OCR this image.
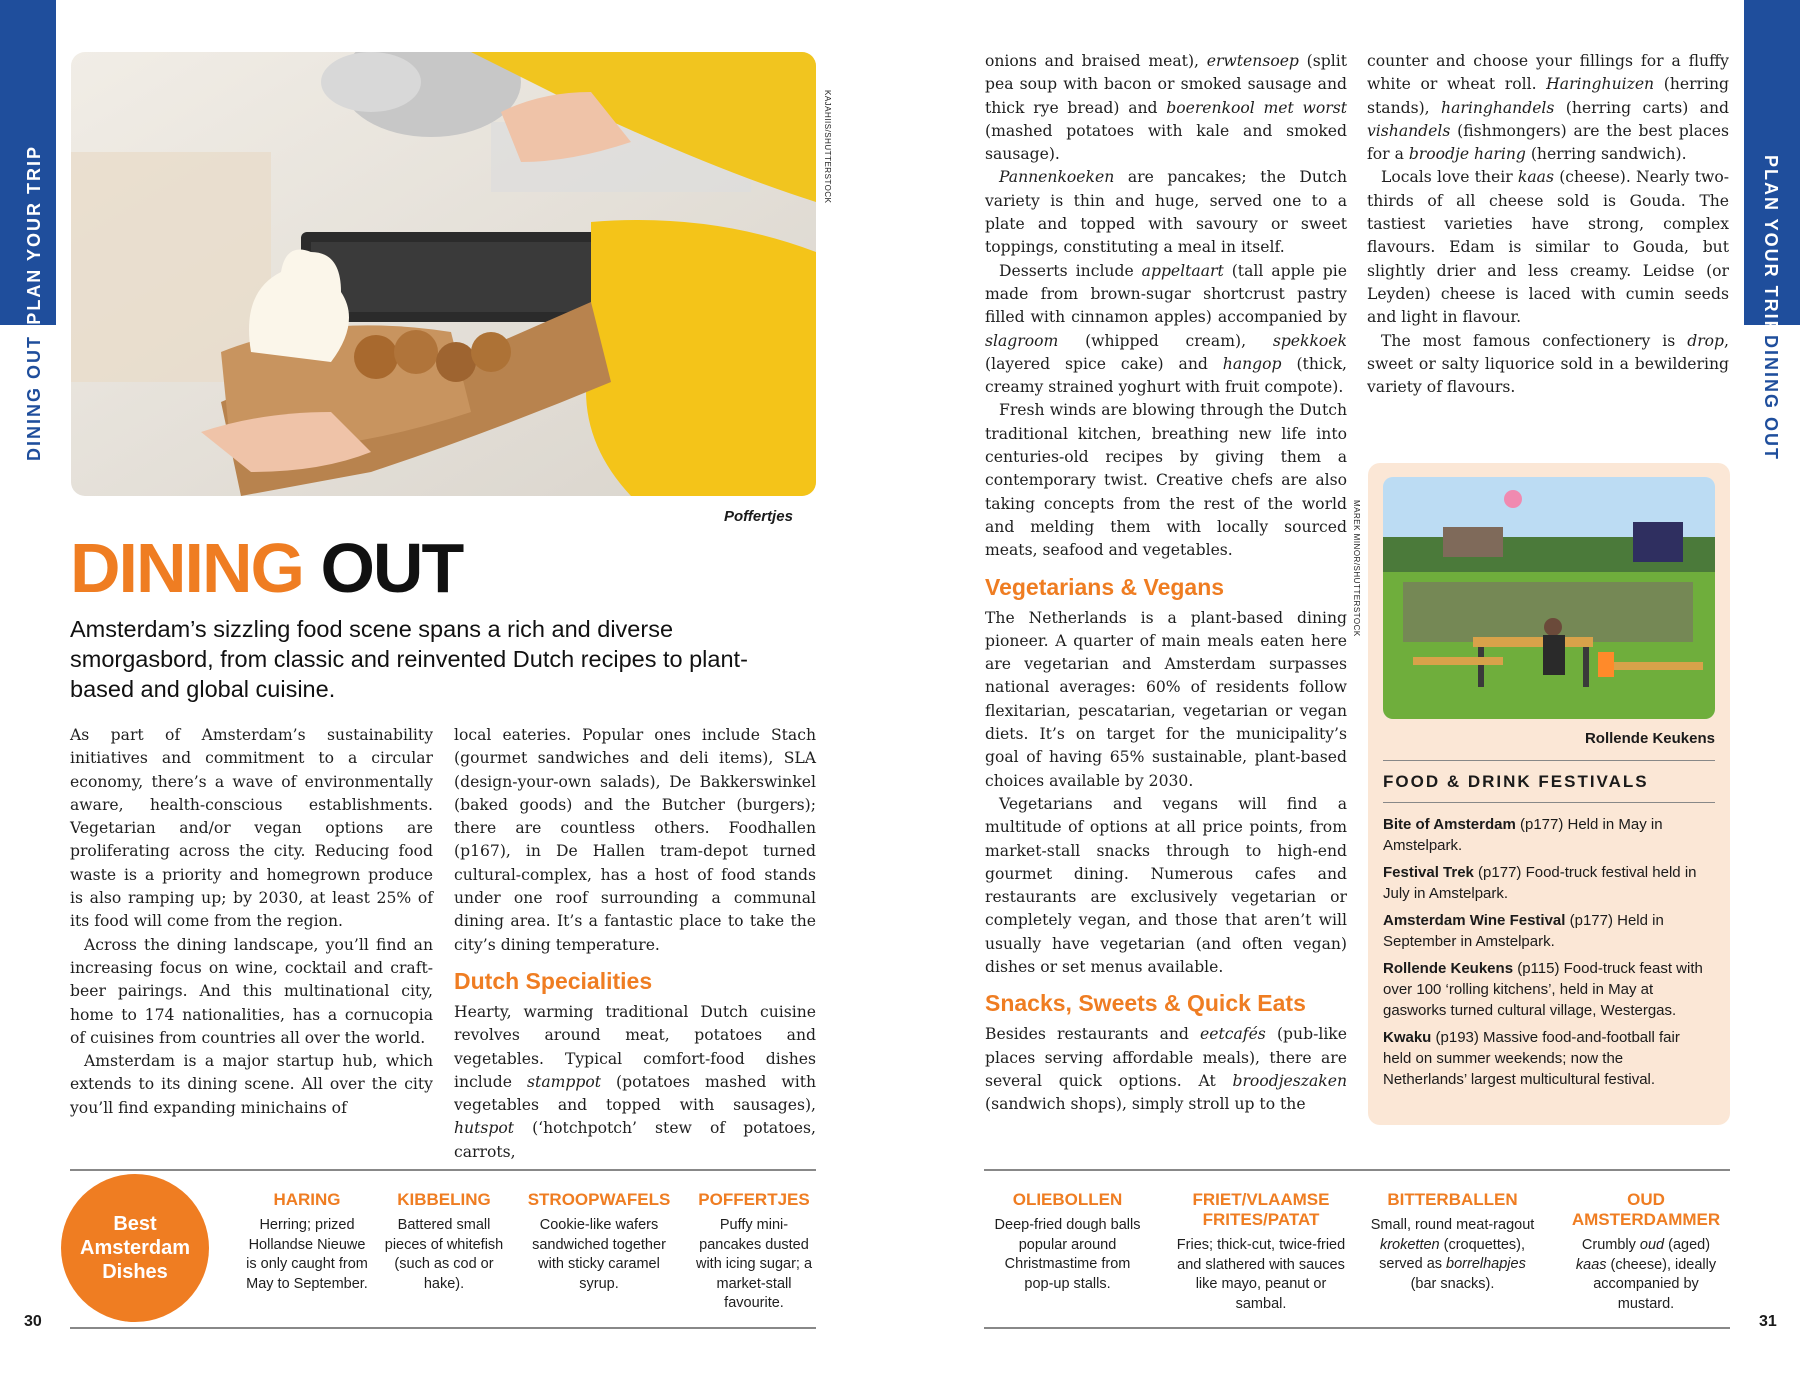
PLAN YOUR TRIP
DINING OUT
PLAN YOUR TRIP
DINING OUT
KAJAHIIS/SHUTTERSTOCK
Poffertjes
DINING OUT
Amsterdam’s sizzling food scene spans a rich and diverse smorgasbord, from classic and reinvented Dutch recipes to plant-based and global cuisine.

As part of Amsterdam’s sustainability initiatives and commitment to a circular economy, there’s a wave of environmentally aware, health-conscious establishments. Vegetarian and/or vegan options are proliferating across the city. Reducing food waste is a priority and homegrown produce is also ramping up; by 2030, at least 25% of its food will come from the region.

Across the dining landscape, you’ll find an increasing focus on wine, cocktail and craft-beer pairings. And this multinational city, home to 174 nationalities, has a cornucopia of cuisines from countries all over the world.

Amsterdam is a major startup hub, which extends to its dining scene. All over the city you’ll find expanding minichains of

local eateries. Popular ones include Stach (gourmet sandwiches and deli items), SLA (design-your-own salads), De Bakkerswinkel (baked goods) and the Butcher (burgers); there are countless others. Foodhallen (p167), in De Hallen tram-depot turned cultural-complex, has a host of food stands under one roof surrounding a communal dining area. It’s a fantastic place to take the city’s dining temperature.

Dutch Specialities

Hearty, warming traditional Dutch cuisine revolves around meat, potatoes and vegetables. Typical comfort-food dishes include stamppot (potatoes mashed with vegetables and topped with sausages), hutspot (‘hotchpotch’ stew of potatoes, carrots,

onions and braised meat), erwtensoep (split pea soup with bacon or smoked sausage and thick rye bread) and boerenkool met worst (mashed potatoes with kale and smoked sausage).

Pannenkoeken are pancakes; the Dutch variety is thin and huge, served one to a plate and topped with savoury or sweet toppings, constituting a meal in itself.

Desserts include appeltaart (tall apple pie made from brown-sugar shortcrust pastry filled with cinnamon apples) accompanied by slagroom (whipped cream), spekkoek (layered spice cake) and hangop (thick, creamy strained yoghurt with fruit compote).

Fresh winds are blowing through the Dutch traditional kitchen, breathing new life into centuries-old recipes by giving them a contemporary twist. Creative chefs are also taking concepts from the rest of the world and melding them with locally sourced meats, seafood and vegetables.

Vegetarians & Vegans

The Netherlands is a plant-based dining pioneer. A quarter of main meals eaten here are vegetarian and Amsterdam surpasses national averages: 60% of residents follow flexitarian, pescatarian, vegetarian or vegan diets. It’s on target for the municipality’s goal of having 65% sustainable, plant-based choices available by 2030.

Vegetarians and vegans will find a multitude of options at all price points, from market-stall snacks through to high-end gourmet dining. Numerous cafes and restaurants are exclusively vegetarian or completely vegan, and those that aren’t will usually have vegetarian (and often vegan) dishes or set menus available.

Snacks, Sweets & Quick Eats

Besides restaurants and eetcafés (pub-like places serving affordable meals), there are several quick options. At broodjeszaken (sandwich shops), simply stroll up to the

counter and choose your fillings for a fluffy white or wheat roll. Haringhuizen (herring stands), haringhandels (herring carts) and vishandels (fishmongers) are the best places for a broodje haring (herring sandwich).

Locals love their kaas (cheese). Nearly two-thirds of all cheese sold is Gouda. The tastiest varieties have strong, complex flavours. Edam is similar to Gouda, but slightly drier and less creamy. Leidse (or Leyden) cheese is laced with cumin seeds and light in flavour.

The most famous confectionery is drop, sweet or salty liquorice sold in a bewildering variety of flavours.

MAREK MINOR/SHUTTERSTOCK
Rollende Keukens
FOOD & DRINK FESTIVALS
Bite of Amsterdam (p177) Held in May in Amstelpark.
Festival Trek (p177) Food-truck festival held in July in Amstelpark.
Amsterdam Wine Festival (p177) Held in September in Amstelpark.
Rollende Keukens (p115) Food-truck feast with over 100 ‘rolling kitchens’, held in May at gasworks turned cultural village, Westergas.
Kwaku (p193) Massive food-and-football fair held on summer weekends; now the Netherlands’ largest multicultural festival.
Best Amsterdam Dishes
HARING
Herring; prized Hollandse Nieuwe is only caught from May to September.
KIBBELING
Battered small pieces of whitefish (such as cod or hake).
STROOPWAFELS
Cookie-like wafers sandwiched together with sticky caramel syrup.
POFFERTJES
Puffy mini-pancakes dusted with icing sugar; a market-stall favourite.
OLIEBOLLEN
Deep-fried dough balls popular around Christmastime from pop-up stalls.
FRIET/VLAAMSE FRITES/PATAT
Fries; thick-cut, twice-fried and slathered with sauces like mayo, peanut or sambal.
BITTERBALLEN
Small, round meat-ragout kroketten (croquettes), served as borrelhapjes (bar snacks).
OUD AMSTERDAMMER
Crumbly oud (aged) kaas (cheese), ideally accompanied by mustard.
30	31
